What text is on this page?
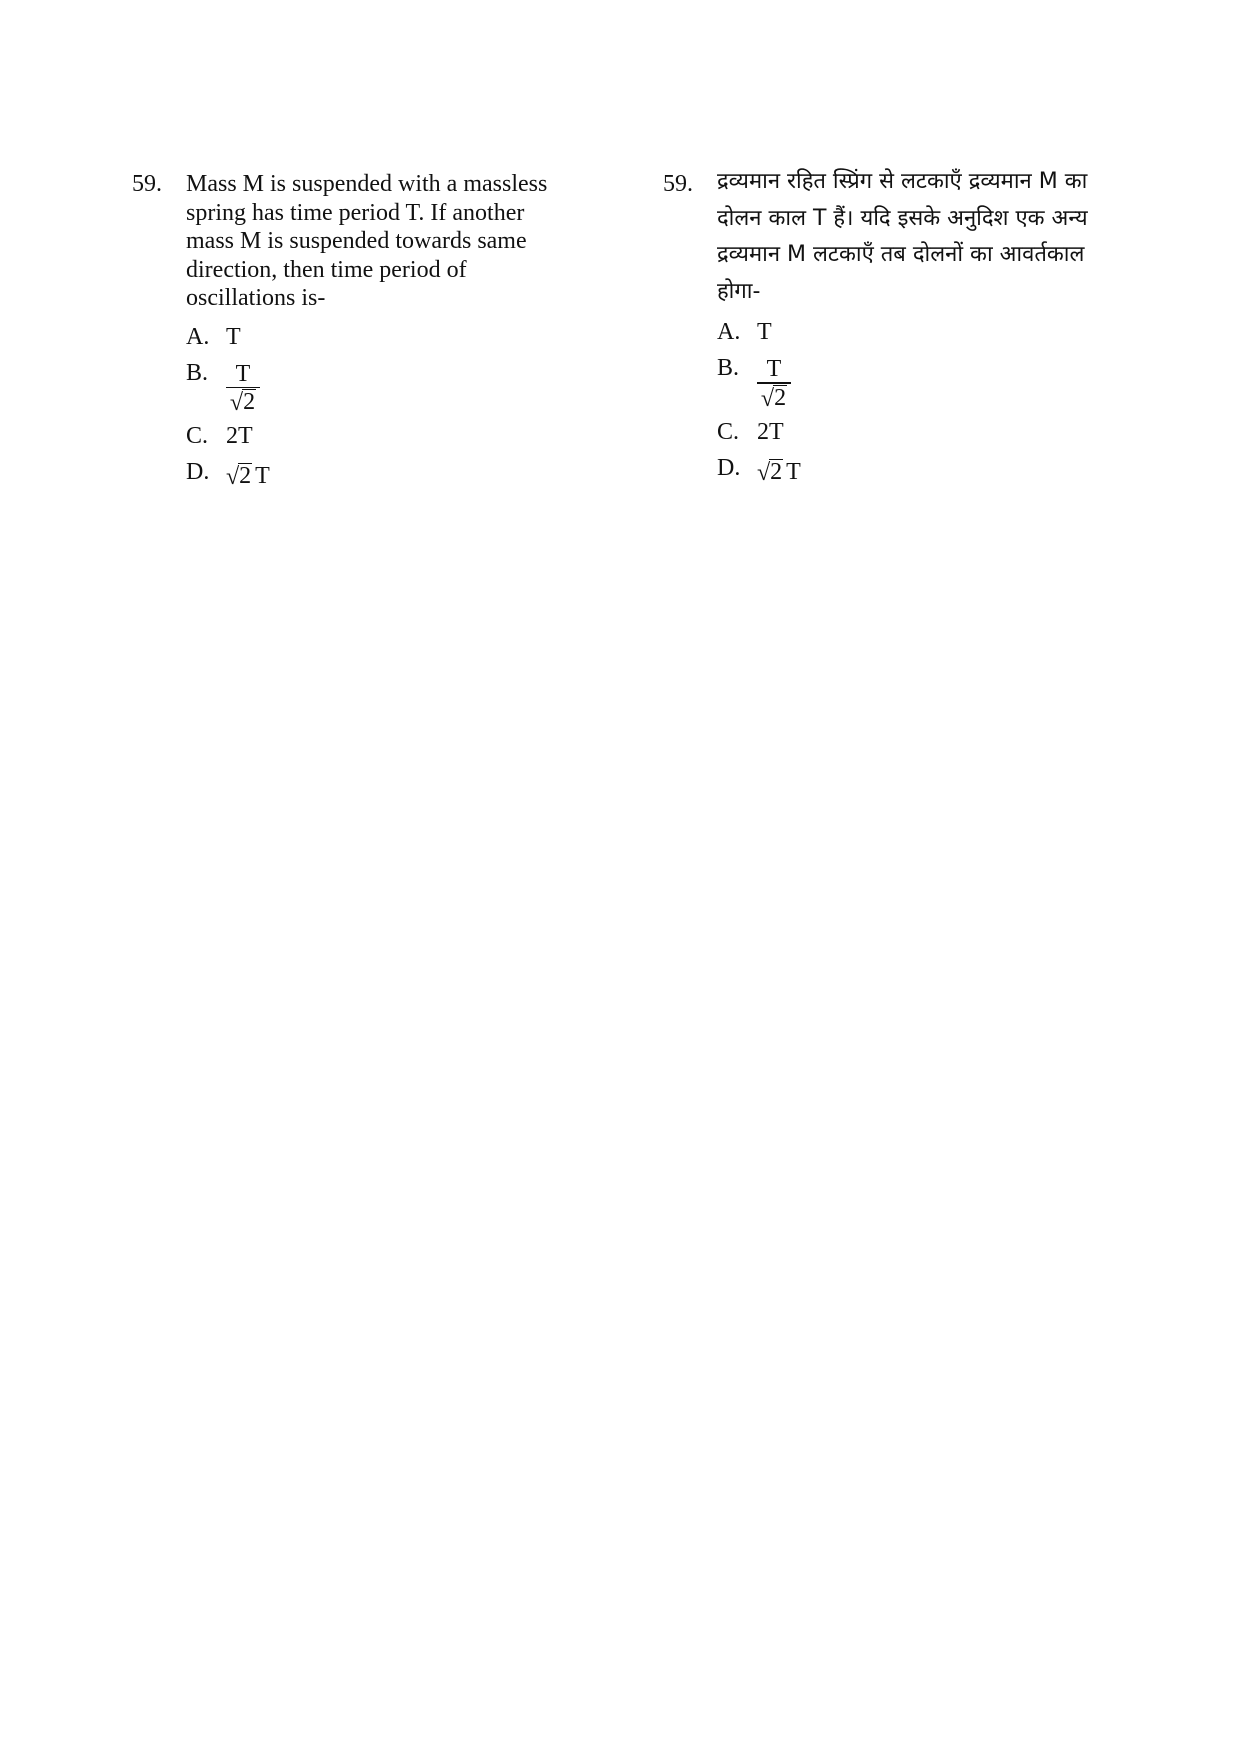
59. Mass M is suspended with a massless
spring has time period T. If another
mass M is suspended towards same
direction, then time period of
oscillations is-

A. T
B. $\frac{T}{√ 2}$
C. 2T
D. √ 2 T
59. द्रव्यमान रहित स्प्रिंग से लटकाएँ द्रव्यमान M का
दोलन काल T हैं। यदि इसके अनुदिश एक अन्य
द्रव्यमान M लटकाएँ तब दोलनों का आवर्तकाल
होगा-

A. T
B. $\frac{T}{√ 2}$
C. 2T
D. √ 2 T
